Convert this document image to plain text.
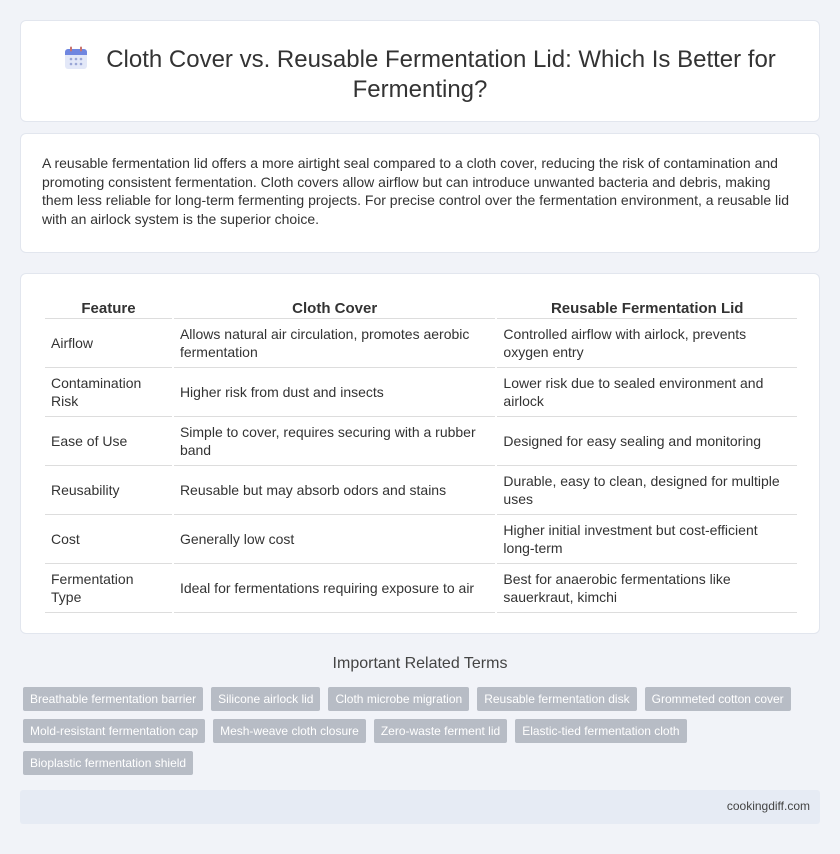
Cloth Cover vs. Reusable Fermentation Lid: Which Is Better for Fermenting?

A reusable fermentation lid offers a more airtight seal compared to a cloth cover, reducing the risk of contamination and promoting consistent fermentation. Cloth covers allow airflow but can introduce unwanted bacteria and debris, making them less reliable for long-term fermenting projects. For precise control over the fermentation environment, a reusable lid with an airlock system is the superior choice.

Feature	Cloth Cover	Reusable Fermentation Lid
Airflow	Allows natural air circulation, promotes aerobic fermentation	Controlled airflow with airlock, prevents oxygen entry
Contamination Risk	Higher risk from dust and insects	Lower risk due to sealed environment and airlock
Ease of Use	Simple to cover, requires securing with a rubber band	Designed for easy sealing and monitoring
Reusability	Reusable but may absorb odors and stains	Durable, easy to clean, designed for multiple uses
Cost	Generally low cost	Higher initial investment but cost-efficient long-term
Fermentation Type	Ideal for fermentations requiring exposure to air	Best for anaerobic fermentations like sauerkraut, kimchi
Important Related Terms
Breathable fermentation barrier	Silicone airlock lid	Cloth microbe migration	Reusable fermentation disk	Grommeted cotton cover
Mold-resistant fermentation cap	Mesh-weave cloth closure	Zero-waste ferment lid	Elastic-tied fermentation cloth
Bioplastic fermentation shield
cookingdiff.com
